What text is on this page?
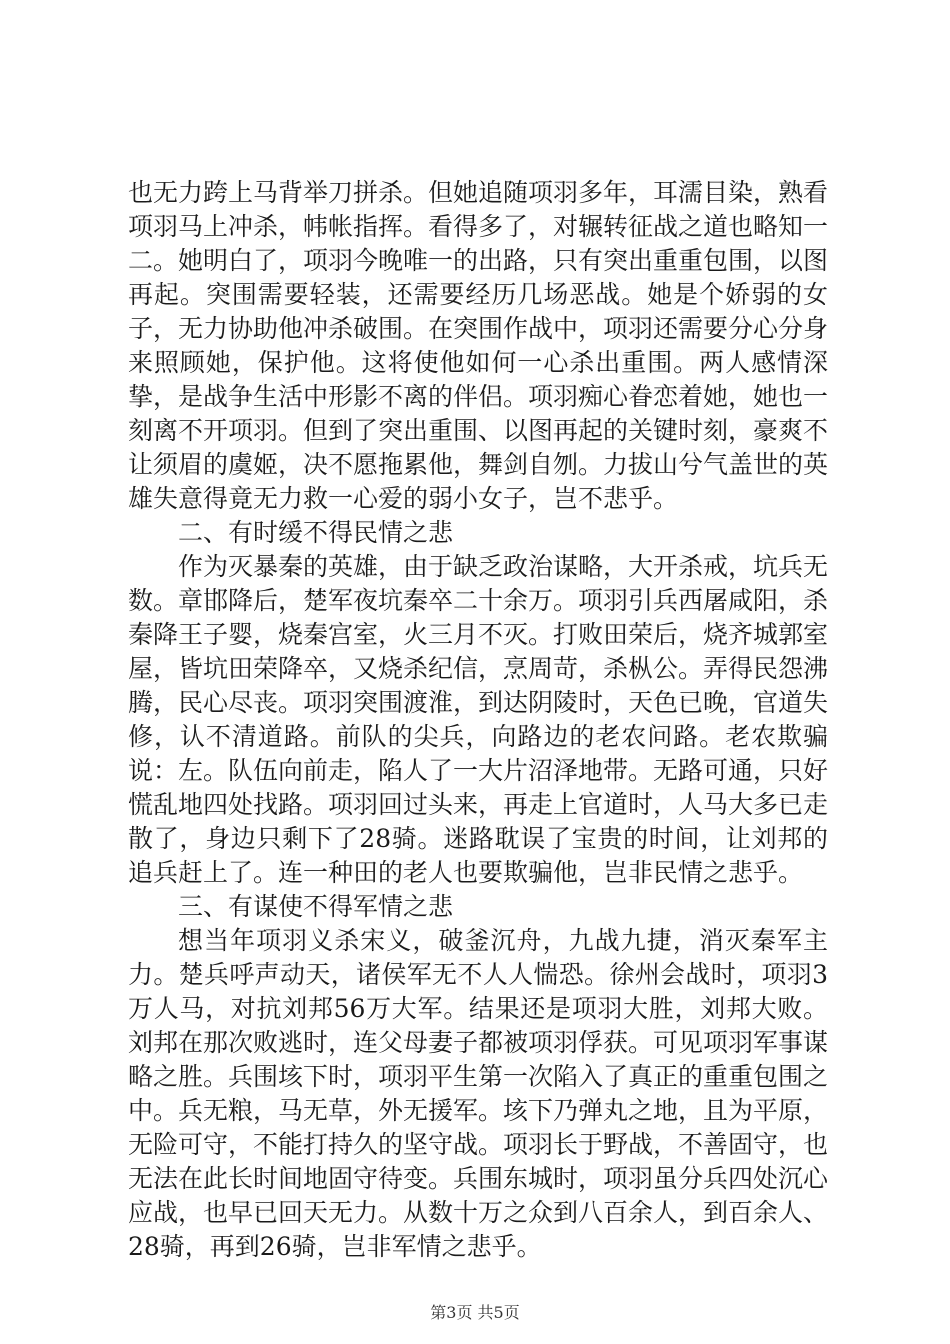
也无力跨上马背举刀拼杀。但她追随项羽多年，耳濡目染，熟看项羽马上冲杀，帏帐指挥。看得多了，对辗转征战之道也略知一二。她明白了，项羽今晚唯一的出路，只有突出重重包围，以图再起。突围需要轻装，还需要经历几场恶战。她是个娇弱的女子，无力协助他冲杀破围。在突围作战中，项羽还需要分心分身来照顾她，保护他。这将使他如何一心杀出重围。两人感情深挚，是战争生活中形影不离的伴侣。项羽痴心眷恋着她，她也一刻离不开项羽。但到了突出重围、以图再起的关键时刻，豪爽不让须眉的虞姬，决不愿拖累他，舞剑自刎。力拔山兮气盖世的英雄失意得竟无力救一心爱的弱小女子，岂不悲乎。

二、有时缓不得民情之悲

作为灭暴秦的英雄，由于缺乏政治谋略，大开杀戒，坑兵无数。章邯降后，楚军夜坑秦卒二十余万。项羽引兵西屠咸阳，杀秦降王子婴，烧秦宫室，火三月不灭。打败田荣后，烧齐城郭室屋，皆坑田荣降卒，又烧杀纪信，烹周苛，杀枞公。弄得民怨沸腾，民心尽丧。项羽突围渡淮，到达阴陵时，天色已晚，官道失修，认不清道路。前队的尖兵，向路边的老农问路。老农欺骗说：左。队伍向前走，陷人了一大片沼泽地带。无路可通，只好慌乱地四处找路。项羽回过头来，再走上官道时，人马大多已走散了，身边只剩下了28骑。迷路耽误了宝贵的时间，让刘邦的追兵赶上了。连一种田的老人也要欺骗他，岂非民情之悲乎。

三、有谋使不得军情之悲

想当年项羽义杀宋义，破釜沉舟，九战九捷，消灭秦军主力。楚兵呼声动天，诸侯军无不人人惴恐。徐州会战时，项羽3万人马，对抗刘邦56万大军。结果还是项羽大胜，刘邦大败。刘邦在那次败逃时，连父母妻子都被项羽俘获。可见项羽军事谋略之胜。兵围垓下时，项羽平生第一次陷入了真正的重重包围之中。兵无粮，马无草，外无援军。垓下乃弹丸之地，且为平原，无险可守，不能打持久的坚守战。项羽长于野战，不善固守，也无法在此长时间地固守待变。兵围东城时，项羽虽分兵四处沉心应战，也早已回天无力。从数十万之众到八百余人，到百余人、28骑，再到26骑，岂非军情之悲乎。

第3页 共5页
